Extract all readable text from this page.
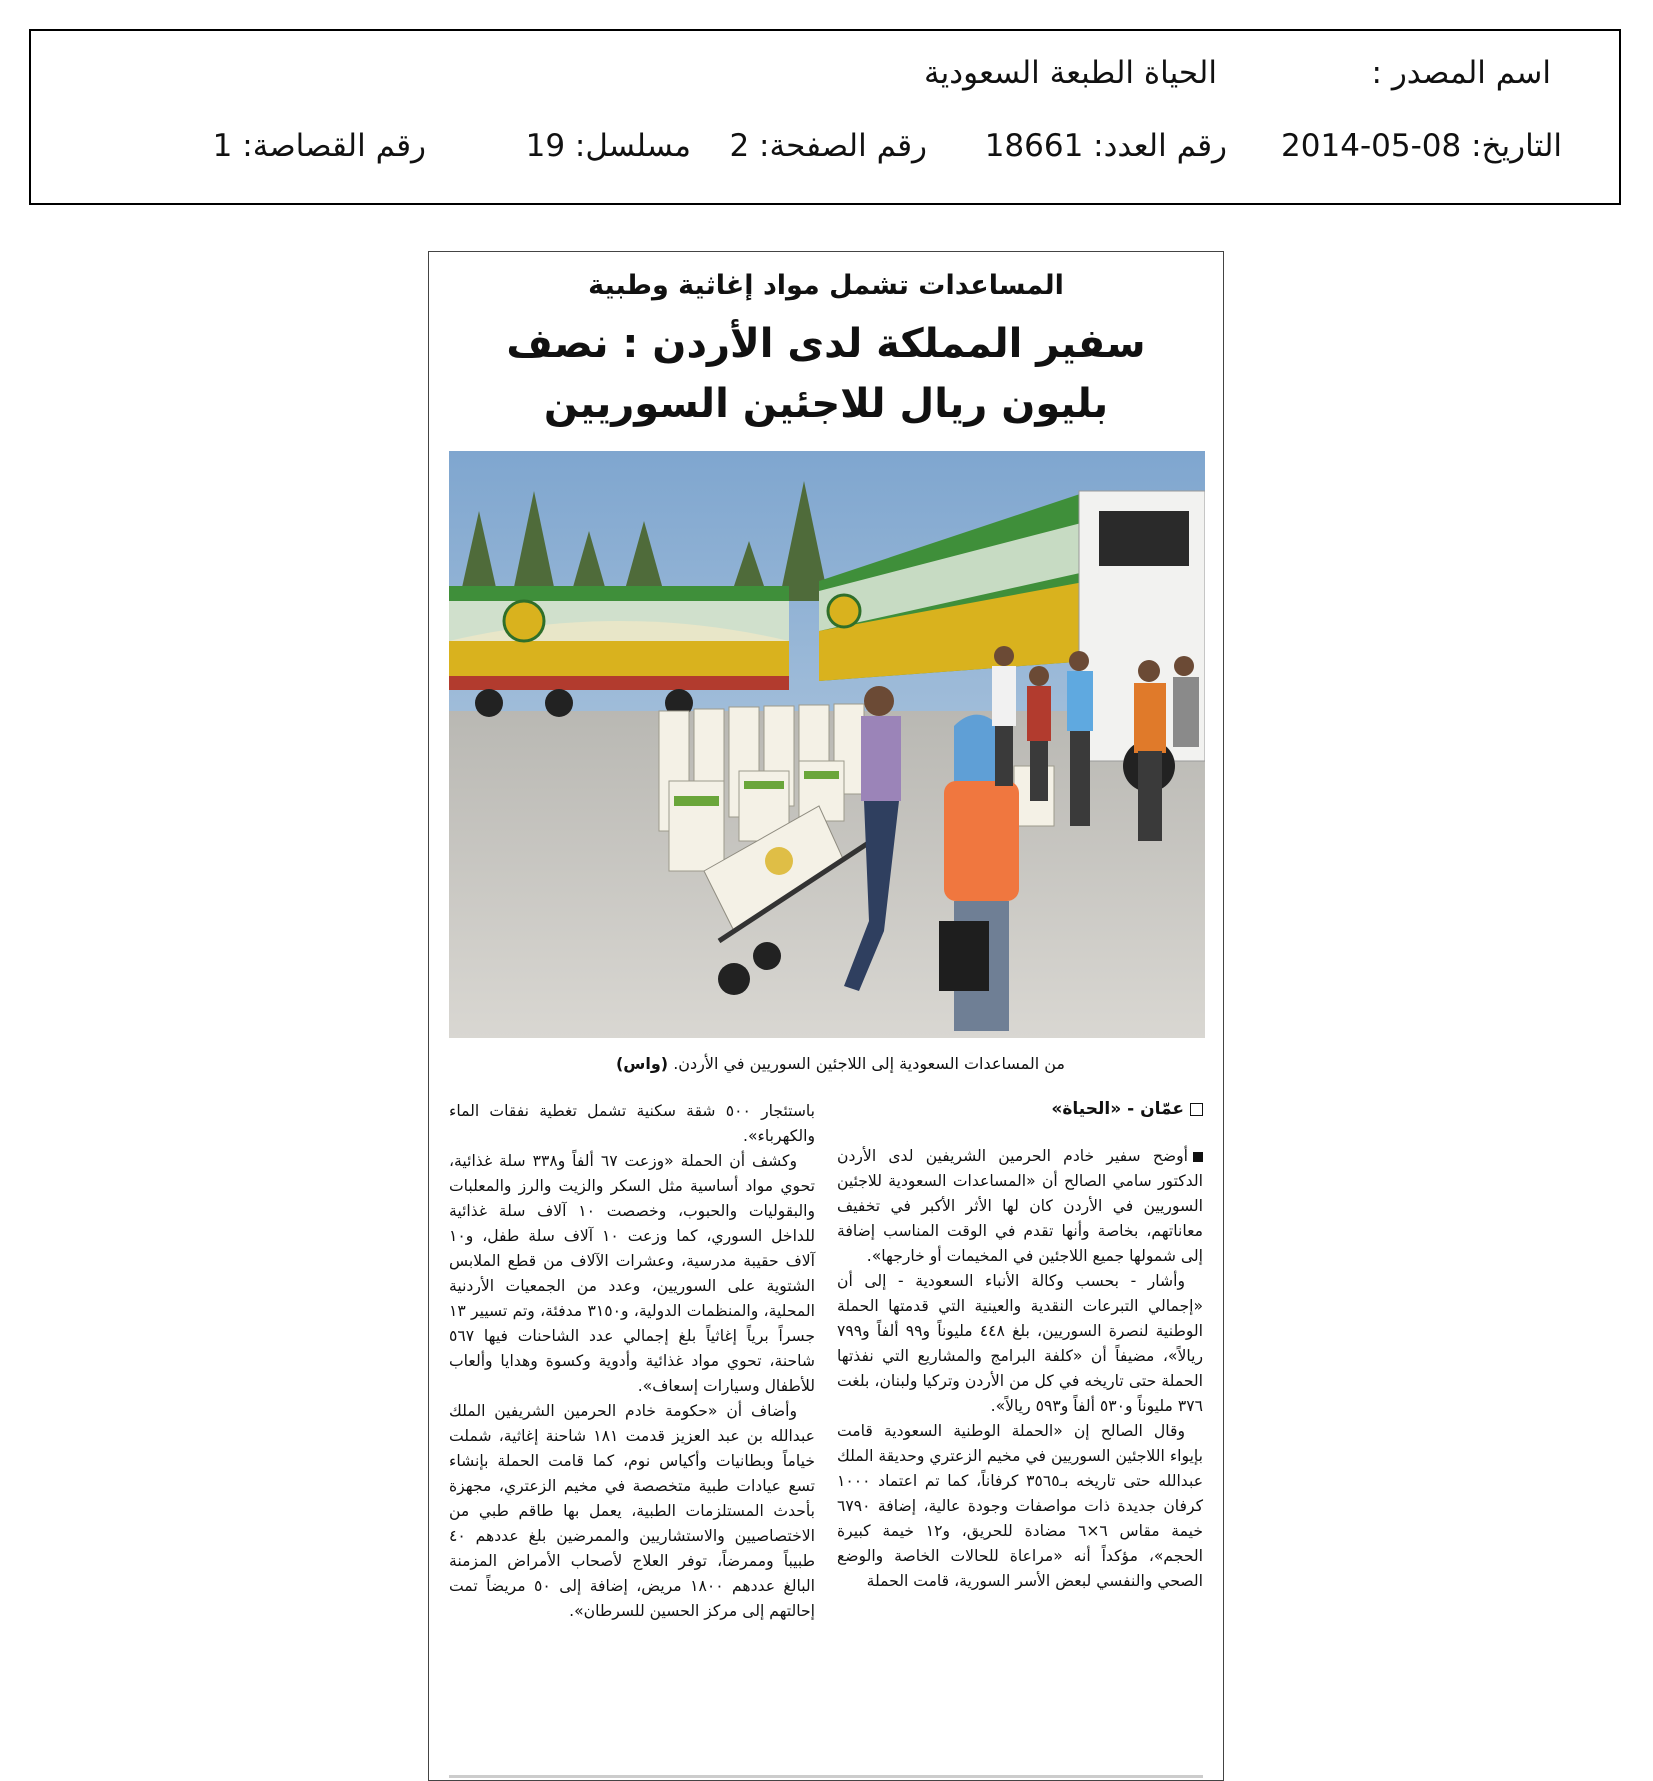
اسم المصدر :
الحياة الطبعة السعودية
التاريخ: 08-05-2014
رقم العدد: 18661
رقم الصفحة: 2
مسلسل: 19
رقم القصاصة: 1
المساعدات تشمل مواد إغاثية وطبية
سفير المملكة لدى الأردن : نصف
بليون ريال للاجئين السوريين
من المساعدات السعودية إلى اللاجئين السوريين في الأردن. (واس)
عمّان - «الحياة»

أوضح سفير خادم الحرمين الشريفين لدى الأردن الدكتور سامي الصالح أن «المساعدات السعودية للاجئين السوريين في الأردن كان لها الأثر الأكبر في تخفيف معاناتهم، بخاصة وأنها تقدم في الوقت المناسب إضافة إلى شمولها جميع اللاجئين في المخيمات أو خارجها».

وأشار - بحسب وكالة الأنباء السعودية - إلى أن «إجمالي التبرعات النقدية والعينية التي قدمتها الحملة الوطنية لنصرة السوريين، بلغ ٤٤٨ مليوناً و٩٩ ألفاً و٧٩٩ ريالاً»، مضيفاً أن «كلفة البرامج والمشاريع التي نفذتها الحملة حتى تاريخه في كل من الأردن وتركيا ولبنان، بلغت ٣٧٦ مليوناً و٥٣٠ ألفاً و٥٩٣ ريالاً».

وقال الصالح إن «الحملة الوطنية السعودية قامت بإيواء اللاجئين السوريين في مخيم الزعتري وحديقة الملك عبدالله حتى تاريخه بـ٣٥٦٥ كرفاناً، كما تم اعتماد ١٠٠٠ كرفان جديدة ذات مواصفات وجودة عالية، إضافة ٦٧٩٠ خيمة مقاس ٦×٦ مضادة للحريق، و١٢ خيمة كبيرة الحجم»، مؤكداً أنه «مراعاة للحالات الخاصة والوضع الصحي والنفسي لبعض الأسر السورية، قامت الحملة

باستئجار ٥٠٠ شقة سكنية تشمل تغطية نفقات الماء والكهرباء».

وكشف أن الحملة «وزعت ٦٧ ألفاً و٣٣٨ سلة غذائية، تحوي مواد أساسية مثل السكر والزيت والرز والمعلبات والبقوليات والحبوب، وخصصت ١٠ آلاف سلة غذائية للداخل السوري، كما وزعت ١٠ آلاف سلة طفل، و١٠ آلاف حقيبة مدرسية، وعشرات الآلاف من قطع الملابس الشتوية على السوريين، وعدد من الجمعيات الأردنية المحلية، والمنظمات الدولية، و٣١٥٠ مدفئة، وتم تسيير ١٣ جسراً برياً إغاثياً بلغ إجمالي عدد الشاحنات فيها ٥٦٧ شاحنة، تحوي مواد غذائية وأدوية وكسوة وهدايا وألعاب للأطفال وسيارات إسعاف».

وأضاف أن «حكومة خادم الحرمين الشريفين الملك عبدالله بن عبد العزيز قدمت ١٨١ شاحنة إغاثية، شملت خياماً وبطانيات وأكياس نوم، كما قامت الحملة بإنشاء تسع عيادات طبية متخصصة في مخيم الزعتري، مجهزة بأحدث المستلزمات الطبية، يعمل بها طاقم طبي من الاختصاصيين والاستشاريين والممرضين بلغ عددهم ٤٠ طبيباً وممرضاً، توفر العلاج لأصحاب الأمراض المزمنة البالغ عددهم ١٨٠٠ مريض، إضافة إلى ٥٠ مريضاً تمت إحالتهم إلى مركز الحسين للسرطان».
